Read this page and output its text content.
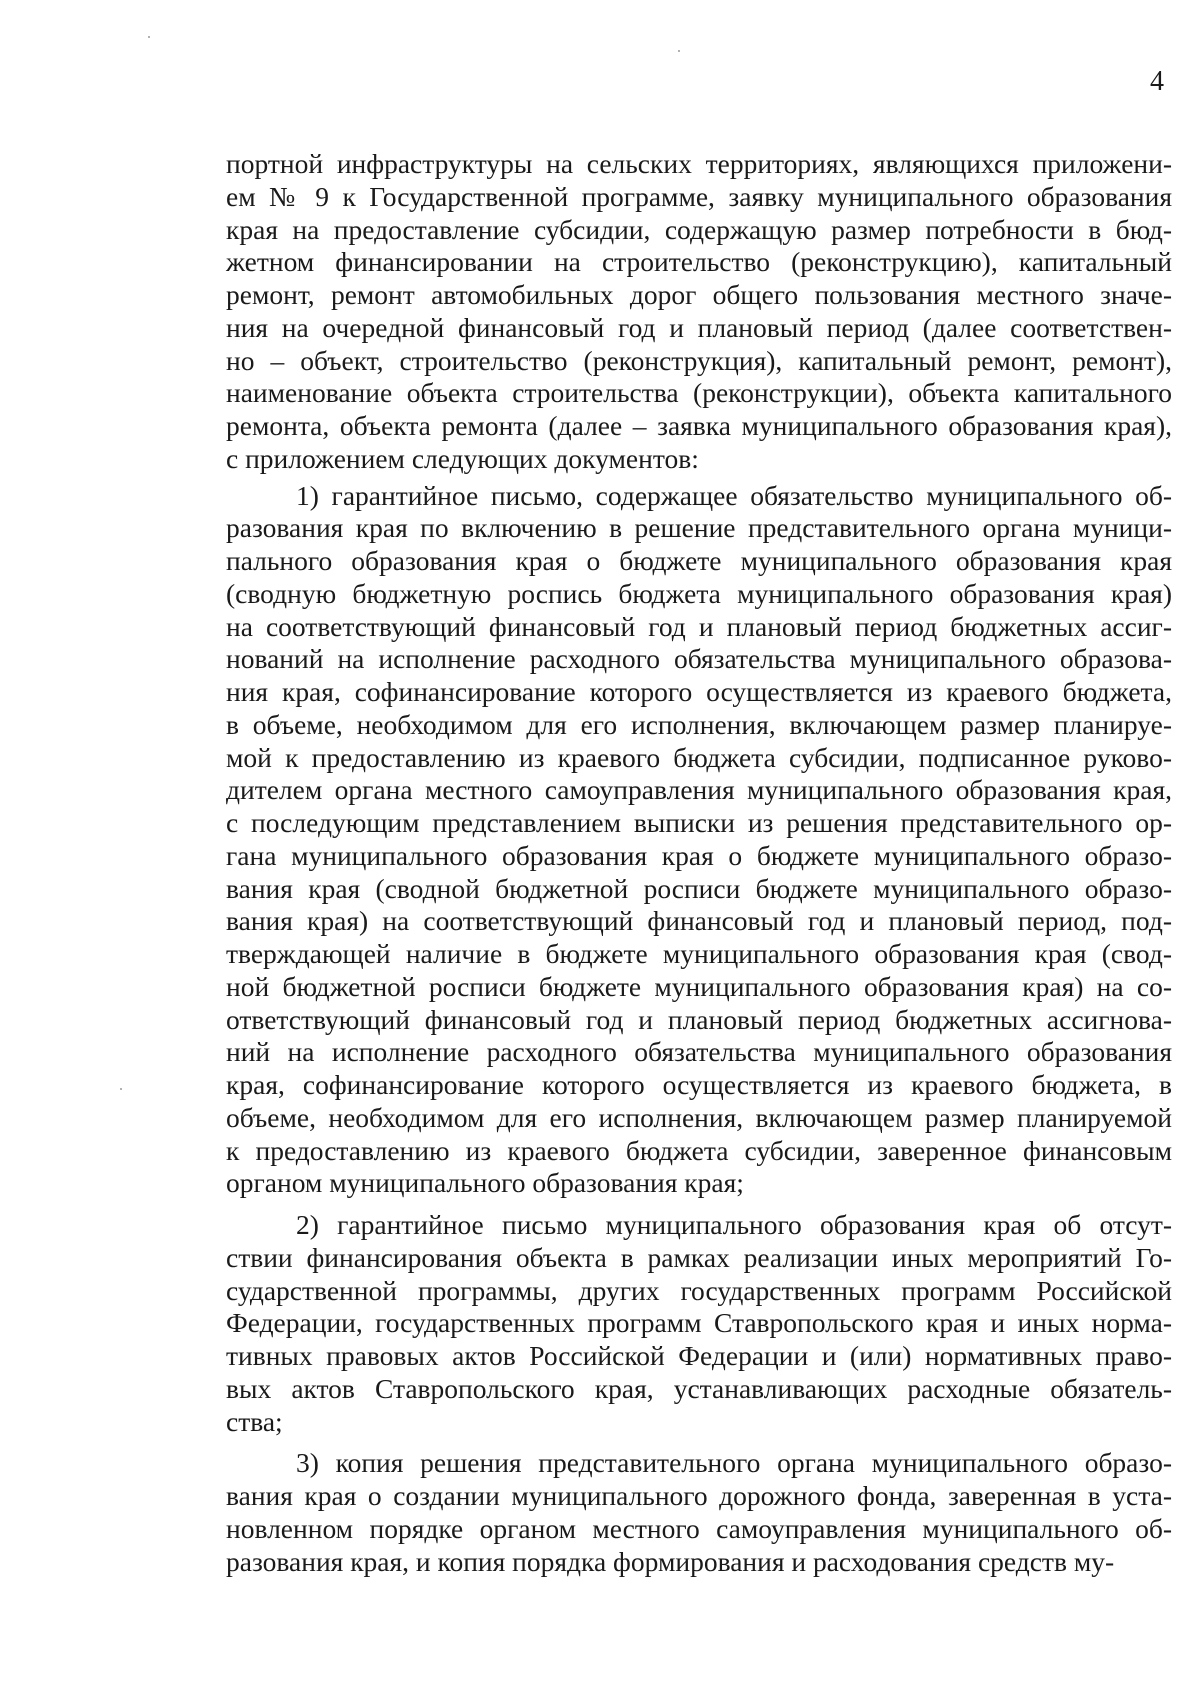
4
портной инфраструктуры на сельских территориях, являющихся приложени-
ем № 9 к Государственной программе, заявку муниципального образования
края на предоставление субсидии, содержащую размер потребности в бюд-
жетном финансировании на строительство (реконструкцию), капитальный
ремонт, ремонт автомобильных дорог общего пользования местного значе-
ния на очередной финансовый год и плановый период (далее соответствен-
но – объект, строительство (реконструкция), капитальный ремонт, ремонт),
наименование объекта строительства (реконструкции), объекта капитального
ремонта, объекта ремонта (далее – заявка муниципального образования края),
с приложением следующих документов:
1) гарантийное письмо, содержащее обязательство муниципального об-
разования края по включению в решение представительного органа муници-
пального образования края о бюджете муниципального образования края
(сводную бюджетную роспись бюджета муниципального образования края)
на соответствующий финансовый год и плановый период бюджетных ассиг-
нований на исполнение расходного обязательства муниципального образова-
ния края, софинансирование которого осуществляется из краевого бюджета,
в объеме, необходимом для его исполнения, включающем размер планируе-
мой к предоставлению из краевого бюджета субсидии, подписанное руково-
дителем органа местного самоуправления муниципального образования края,
с последующим представлением выписки из решения представительного ор-
гана муниципального образования края о бюджете муниципального образо-
вания края (сводной бюджетной росписи бюджете муниципального образо-
вания края) на соответствующий финансовый год и плановый период, под-
тверждающей наличие в бюджете муниципального образования края (свод-
ной бюджетной росписи бюджете муниципального образования края) на со-
ответствующий финансовый год и плановый период бюджетных ассигнова-
ний на исполнение расходного обязательства муниципального образования
края, софинансирование которого осуществляется из краевого бюджета, в
объеме, необходимом для его исполнения, включающем размер планируемой
к предоставлению из краевого бюджета субсидии, заверенное финансовым
органом муниципального образования края;
2) гарантийное письмо муниципального образования края об отсут-
ствии финансирования объекта в рамках реализации иных мероприятий Го-
сударственной программы, других государственных программ Российской
Федерации, государственных программ Ставропольского края и иных норма-
тивных правовых актов Российской Федерации и (или) нормативных право-
вых актов Ставропольского края, устанавливающих расходные обязатель-
ства;
3) копия решения представительного органа муниципального образо-
вания края о создании муниципального дорожного фонда, заверенная в уста-
новленном порядке органом местного самоуправления муниципального об-
разования края, и копия порядка формирования и расходования средств му-
